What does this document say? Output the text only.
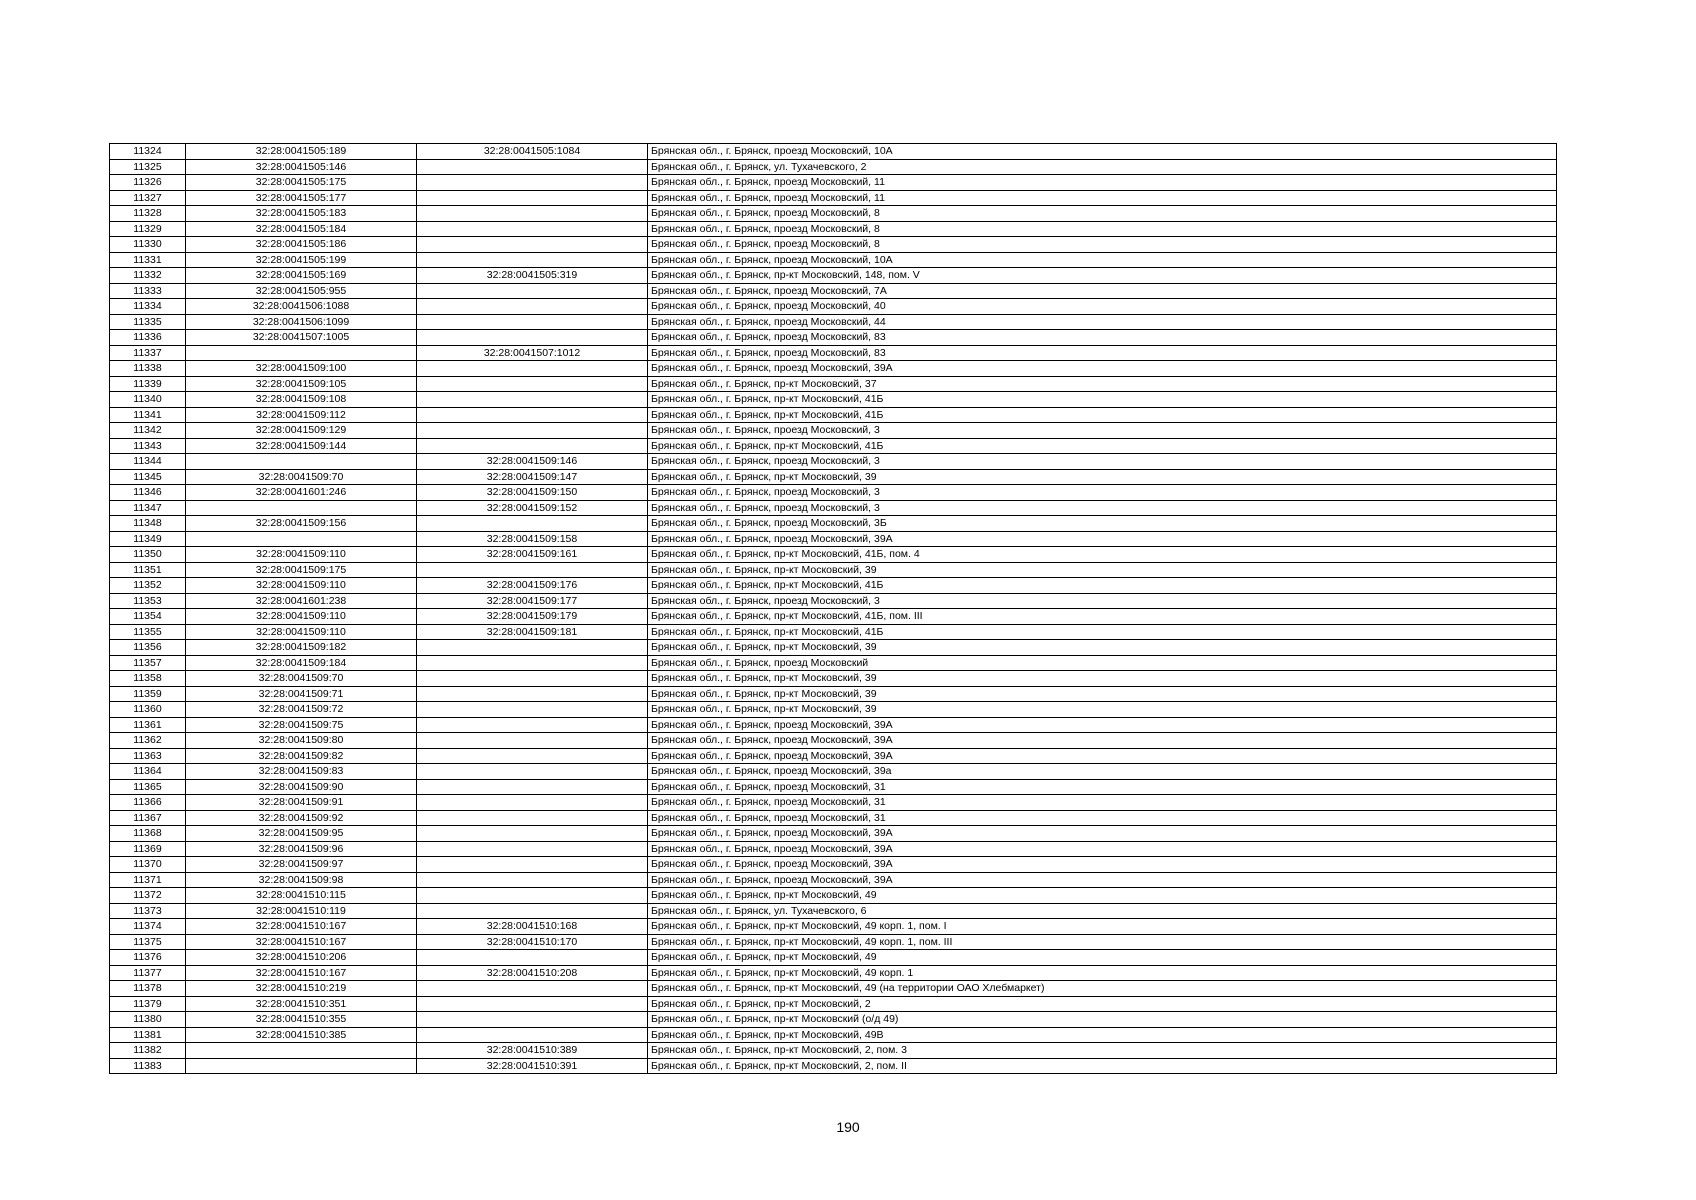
11324	32:28:0041505:189	32:28:0041505:1084	Брянская обл., г. Брянск, проезд Московский, 10А
11325	32:28:0041505:146		Брянская обл., г. Брянск, ул. Тухачевского, 2
11326	32:28:0041505:175		Брянская обл., г. Брянск, проезд Московский, 11
11327	32:28:0041505:177		Брянская обл., г. Брянск, проезд Московский, 11
11328	32:28:0041505:183		Брянская обл., г. Брянск, проезд Московский, 8
11329	32:28:0041505:184		Брянская обл., г. Брянск, проезд Московский, 8
11330	32:28:0041505:186		Брянская обл., г. Брянск, проезд Московский, 8
11331	32:28:0041505:199		Брянская обл., г. Брянск, проезд Московский, 10А
11332	32:28:0041505:169	32:28:0041505:319	Брянская обл., г. Брянск, пр-кт Московский, 148, пом. V
11333	32:28:0041505:955		Брянская обл., г. Брянск, проезд Московский, 7А
11334	32:28:0041506:1088		Брянская обл., г. Брянск, проезд Московский, 40
11335	32:28:0041506:1099		Брянская обл., г. Брянск, проезд Московский, 44
11336	32:28:0041507:1005		Брянская обл., г. Брянск, проезд Московский, 83
11337		32:28:0041507:1012	Брянская обл., г. Брянск, проезд Московский, 83
11338	32:28:0041509:100		Брянская обл., г. Брянск, проезд Московский, 39А
11339	32:28:0041509:105		Брянская обл., г. Брянск, пр-кт Московский, 37
11340	32:28:0041509:108		Брянская обл., г. Брянск, пр-кт Московский, 41Б
11341	32:28:0041509:112		Брянская обл., г. Брянск, пр-кт Московский, 41Б
11342	32:28:0041509:129		Брянская обл., г. Брянск, проезд Московский, 3
11343	32:28:0041509:144		Брянская обл., г. Брянск, пр-кт Московский, 41Б
11344		32:28:0041509:146	Брянская обл., г. Брянск, проезд Московский, 3
11345	32:28:0041509:70	32:28:0041509:147	Брянская обл., г. Брянск, пр-кт Московский, 39
11346	32:28:0041601:246	32:28:0041509:150	Брянская обл., г. Брянск, проезд Московский, 3
11347		32:28:0041509:152	Брянская обл., г. Брянск, проезд Московский, 3
11348	32:28:0041509:156		Брянская обл., г. Брянск, проезд Московский, 3Б
11349		32:28:0041509:158	Брянская обл., г. Брянск, проезд Московский, 39А
11350	32:28:0041509:110	32:28:0041509:161	Брянская обл., г. Брянск, пр-кт Московский, 41Б, пом. 4
11351	32:28:0041509:175		Брянская обл., г. Брянск, пр-кт Московский, 39
11352	32:28:0041509:110	32:28:0041509:176	Брянская обл., г. Брянск, пр-кт Московский, 41Б
11353	32:28:0041601:238	32:28:0041509:177	Брянская обл., г. Брянск, проезд Московский, 3
11354	32:28:0041509:110	32:28:0041509:179	Брянская обл., г. Брянск, пр-кт Московский, 41Б, пом. III
11355	32:28:0041509:110	32:28:0041509:181	Брянская обл., г. Брянск, пр-кт Московский, 41Б
11356	32:28:0041509:182		Брянская обл., г. Брянск, пр-кт Московский, 39
11357	32:28:0041509:184		Брянская обл., г. Брянск, проезд Московский
11358	32:28:0041509:70		Брянская обл., г. Брянск, пр-кт Московский, 39
11359	32:28:0041509:71		Брянская обл., г. Брянск, пр-кт Московский, 39
11360	32:28:0041509:72		Брянская обл., г. Брянск, пр-кт Московский, 39
11361	32:28:0041509:75		Брянская обл., г. Брянск, проезд Московский, 39А
11362	32:28:0041509:80		Брянская обл., г. Брянск, проезд Московский, 39А
11363	32:28:0041509:82		Брянская обл., г. Брянск, проезд Московский, 39А
11364	32:28:0041509:83		Брянская обл., г. Брянск, проезд Московский, 39а
11365	32:28:0041509:90		Брянская обл., г. Брянск, проезд Московский, 31
11366	32:28:0041509:91		Брянская обл., г. Брянск, проезд Московский, 31
11367	32:28:0041509:92		Брянская обл., г. Брянск, проезд Московский, 31
11368	32:28:0041509:95		Брянская обл., г. Брянск, проезд Московский, 39А
11369	32:28:0041509:96		Брянская обл., г. Брянск, проезд Московский, 39А
11370	32:28:0041509:97		Брянская обл., г. Брянск, проезд Московский, 39А
11371	32:28:0041509:98		Брянская обл., г. Брянск, проезд Московский, 39А
11372	32:28:0041510:115		Брянская обл., г. Брянск, пр-кт Московский, 49
11373	32:28:0041510:119		Брянская обл., г. Брянск, ул. Тухачевского, 6
11374	32:28:0041510:167	32:28:0041510:168	Брянская обл., г. Брянск, пр-кт Московский, 49 корп. 1, пом. I
11375	32:28:0041510:167	32:28:0041510:170	Брянская обл., г. Брянск, пр-кт Московский, 49 корп. 1, пом. III
11376	32:28:0041510:206		Брянская обл., г. Брянск, пр-кт Московский, 49
11377	32:28:0041510:167	32:28:0041510:208	Брянская обл., г. Брянск, пр-кт Московский, 49 корп. 1
11378	32:28:0041510:219		Брянская обл., г. Брянск, пр-кт Московский, 49 (на территории ОАО Хлебмаркет)
11379	32:28:0041510:351		Брянская обл., г. Брянск, пр-кт Московский, 2
11380	32:28:0041510:355		Брянская обл., г. Брянск, пр-кт Московский (о/д 49)
11381	32:28:0041510:385		Брянская обл., г. Брянск, пр-кт Московский, 49В
11382		32:28:0041510:389	Брянская обл., г. Брянск, пр-кт Московский, 2, пом. 3
11383		32:28:0041510:391	Брянская обл., г. Брянск, пр-кт Московский, 2, пом. II
190
